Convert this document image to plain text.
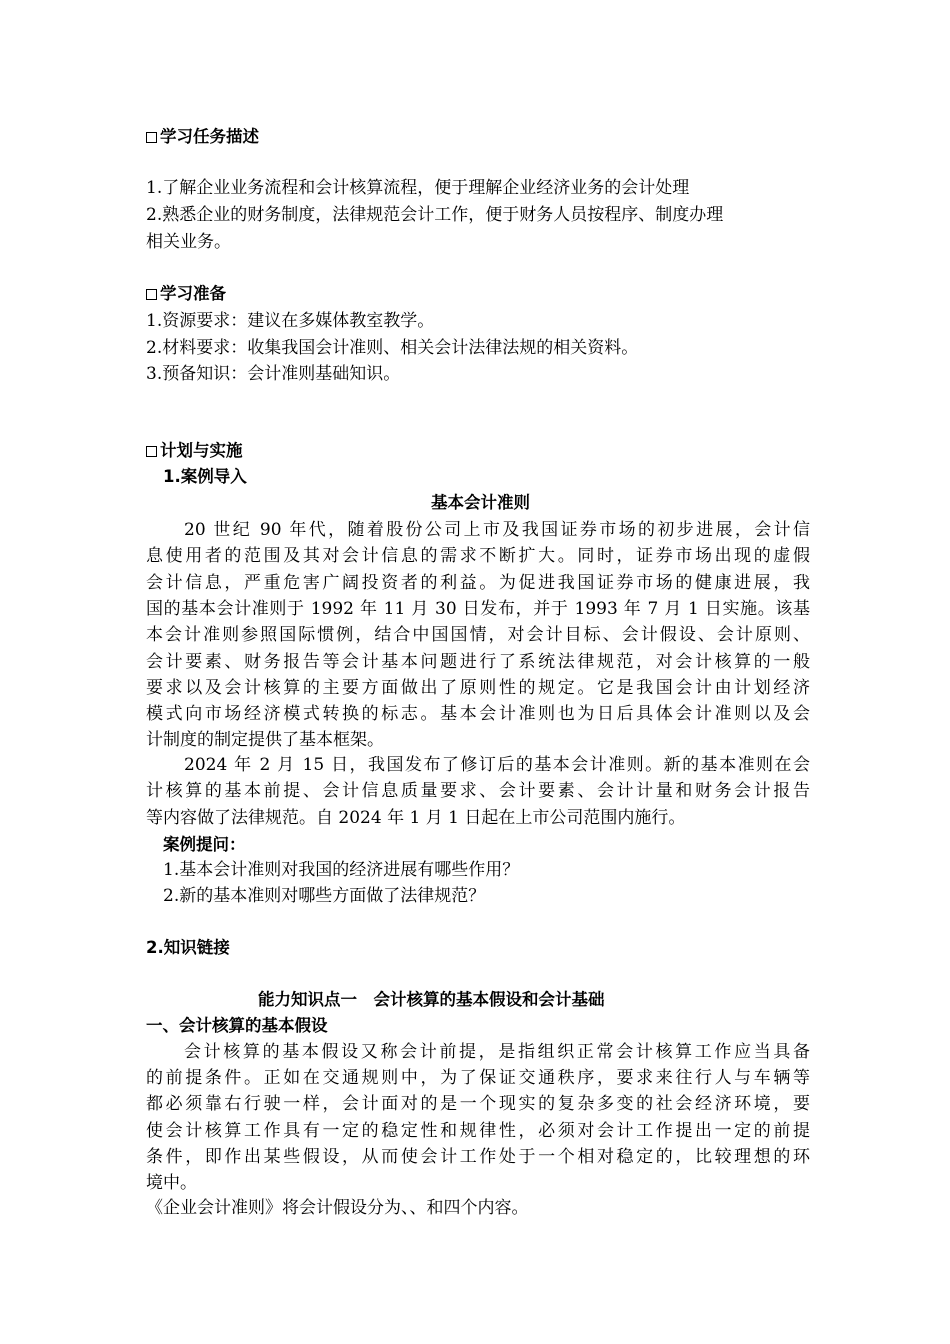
学习任务描述
1.了解企业业务流程和会计核算流程，便于理解企业经济业务的会计处理
2.熟悉企业的财务制度，法律规范会计工作，便于财务人员按程序、制度办理
相关业务。
学习准备
1.资源要求：建议在多媒体教室教学。
2.材料要求：收集我国会计准则、相关会计法律法规的相关资料。
3.预备知识：会计准则基础知识。
计划与实施
1.案例导入
基本会计准则
20 世纪 90 年代，随着股份公司上市及我国证券市场的初步进展，会计信
息使用者的范围及其对会计信息的需求不断扩大。同时，证券市场出现的虚假
会计信息，严重危害广阔投资者的利益。为促进我国证券市场的健康进展，我
国的基本会计准则于 1992 年 11 月 30 日发布，并于 1993 年 7 月 1 日实施。该基
本会计准则参照国际惯例，结合中国国情，对会计目标、会计假设、会计原则、
会计要素、财务报告等会计基本问题进行了系统法律规范，对会计核算的一般
要求以及会计核算的主要方面做出了原则性的规定。它是我国会计由计划经济
模式向市场经济模式转换的标志。基本会计准则也为日后具体会计准则以及会
计制度的制定提供了基本框架。
2024 年 2 月 15 日，我国发布了修订后的基本会计准则。新的基本准则在会
计核算的基本前提、会计信息质量要求、会计要素、会计计量和财务会计报告
等内容做了法律规范。自 2024 年 1 月 1 日起在上市公司范围内施行。
案例提问：
1.基本会计准则对我国的经济进展有哪些作用？
2.新的基本准则对哪些方面做了法律规范？
2.知识链接
能力知识点一　会计核算的基本假设和会计基础
一、会计核算的基本假设
会计核算的基本假设又称会计前提，是指组织正常会计核算工作应当具备
的前提条件。正如在交通规则中，为了保证交通秩序，要求来往行人与车辆等
都必须靠右行驶一样，会计面对的是一个现实的复杂多变的社会经济环境，要
使会计核算工作具有一定的稳定性和规律性，必须对会计工作提出一定的前提
条件，即作出某些假设，从而使会计工作处于一个相对稳定的，比较理想的环
境中。
《企业会计准则》将会计假设分为、、和四个内容。
